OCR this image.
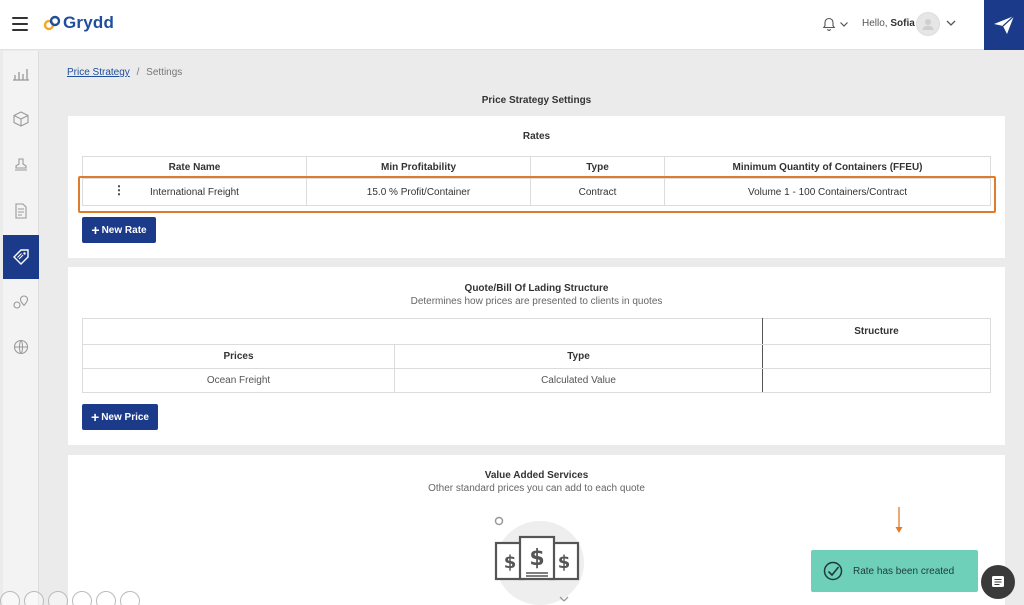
Grydd	Hello, Sofia
Price Strategy / Settings
Price Strategy Settings
Rates
Rate Name	Min Profitability	Type	Minimum Quantity of Containers (FFEU)

⋮ International Freight	15.0 % Profit/Container	Contract	Volume 1 - 100 Containers/Contract
+ New Rate
Quote/Bill Of Lading Structure
Determines how prices are presented to clients in quotes
		Structure
Prices	Type	
Ocean Freight	Calculated Value	
+ New Price
Value Added Services
Other standard prices you can add to each quote
$ $
$	Rate has been created
